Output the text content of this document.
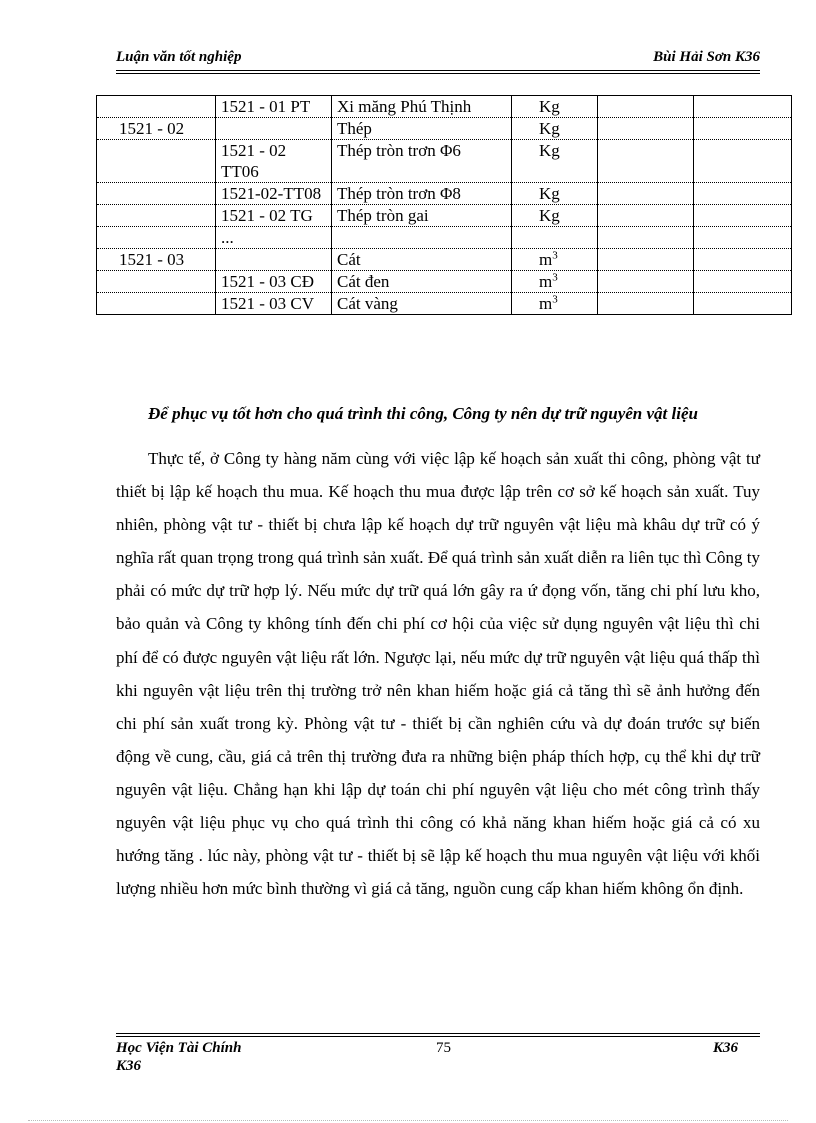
Luận văn tốt nghiệp	Bùi Hải Sơn K36
	1521 - 01 PT	Xi măng Phú Thịnh	Kg		
1521 - 02		Thép	Kg		
	1521 - 02 TT06	Thép tròn trơn Φ6	Kg		
	1521-02-TT08	Thép tròn trơn Φ8	Kg		
	1521 - 02 TG	Thép tròn gai	Kg		
	...				
1521 - 03		Cát	$m^3$		
	1521 - 03 CĐ	Cát đen	$m^3$		
	1521 - 03 CV	Cát vàng	$m^3$		
Để phục vụ tốt hơn cho quá trình thi công, Công ty nên dự trữ nguyên vật liệu

Thực tế, ở Công ty hàng năm cùng với việc lập kế hoạch sản xuất thi công, phòng vật tư thiết bị lập kế hoạch thu mua. Kế hoạch thu mua được lập trên cơ sở kế hoạch sản xuất. Tuy nhiên, phòng vật tư - thiết bị chưa lập kế hoạch dự trữ nguyên vật liệu mà khâu dự trữ có ý nghĩa rất quan trọng trong quá trình sản xuất. Để quá trình sản xuất diễn ra liên tục thì Công ty phải có mức dự trữ hợp lý. Nếu mức dự trữ quá lớn gây ra ứ đọng vốn, tăng chi phí lưu kho, bảo quản và Công ty không tính đến chi phí cơ hội của việc sử dụng nguyên vật liệu thì chi phí để có được nguyên vật liệu rất lớn. Ngược lại, nếu mức dự trữ nguyên vật liệu quá thấp thì khi nguyên vật liệu trên thị trường trở nên khan hiếm hoặc giá cả tăng thì sẽ ảnh hưởng đến chi phí sản xuất trong kỳ. Phòng vật tư - thiết bị cần nghiên cứu và dự đoán trước sự biến động về cung, cầu, giá cả trên thị trường đưa ra những biện pháp thích hợp, cụ thể khi dự trữ nguyên vật liệu. Chẳng hạn khi lập dự toán chi phí nguyên vật liệu cho mét công trình thấy nguyên vật liệu phục vụ cho quá trình thi công có khả năng khan hiếm hoặc giá cả có xu hướng tăng . lúc này, phòng vật tư - thiết bị sẽ lập kế hoạch thu mua nguyên vật liệu với khối lượng nhiều hơn mức bình thường vì giá cả tăng, nguồn cung cấp khan hiếm không ổn định.

Học Viện Tài Chính
K36
75	K36
